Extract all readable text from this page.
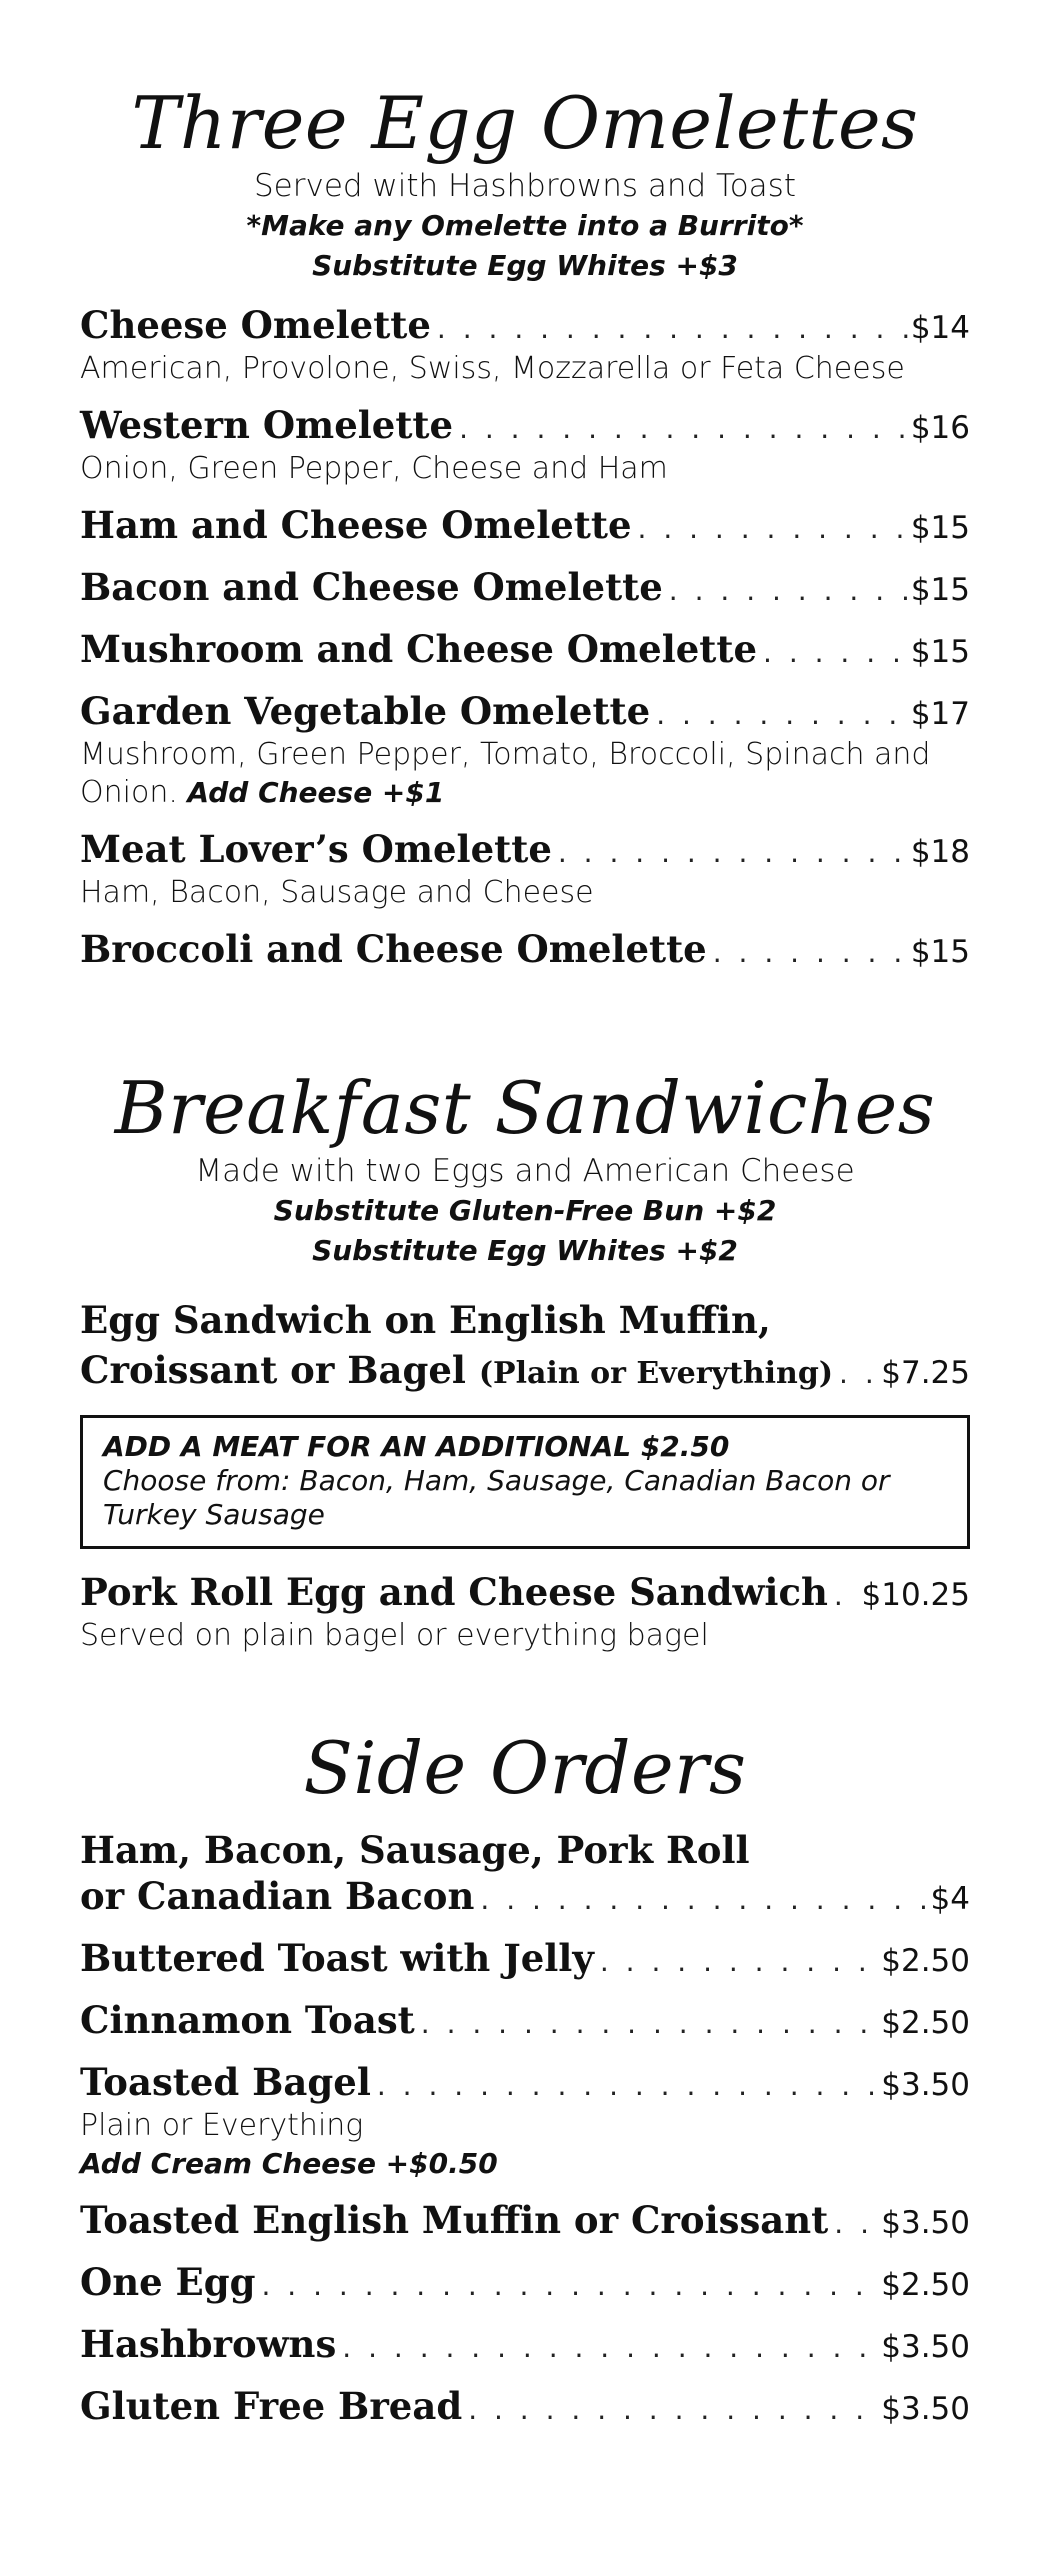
Three Egg Omelettes
Served with Hashbrowns and Toast
*Make any Omelette into a Burrito*
Substitute Egg Whites +$3
Cheese Omelette . . .	$14
American, Provolone, Swiss, Mozzarella or Feta Cheese
Western Omelette . . .	$16
Onion, Green Pepper, Cheese and Ham
Ham and Cheese Omelette . . .	$15
Bacon and Cheese Omelette . . .	$15
Mushroom and Cheese Omelette . . .	$15
Garden Vegetable Omelette . . .	$17
Mushroom, Green Pepper, Tomato, Broccoli, Spinach and Onion. Add Cheese +$1
Meat Lover’s Omelette . . .	$18
Ham, Bacon, Sausage and Cheese
Broccoli and Cheese Omelette . . .	$15
Breakfast Sandwiches
Made with two Eggs and American Cheese
Substitute Gluten-Free Bun +$2
Substitute Egg Whites +$2
Egg Sandwich on English Muffin,
Croissant or Bagel (Plain or Everything) . . . $7.25
ADD A MEAT FOR AN ADDITIONAL $2.50
Choose from: Bacon, Ham, Sausage, Canadian Bacon or Turkey Sausage
Pork Roll Egg and Cheese Sandwich . . . $10.25
Served on plain bagel or everything bagel
Side Orders
Ham, Bacon, Sausage, Pork Roll
or Canadian Bacon . . .	$4
Buttered Toast with Jelly . . .	$2.50
Cinnamon Toast . . .	$2.50
Toasted Bagel . . .	$3.50
Plain or Everything
Add Cream Cheese +$0.50
Toasted English Muffin or Croissant . . . $3.50
One Egg . . .	$2.50
Hashbrowns . . .	$3.50
Gluten Free Bread . . .	$3.50
